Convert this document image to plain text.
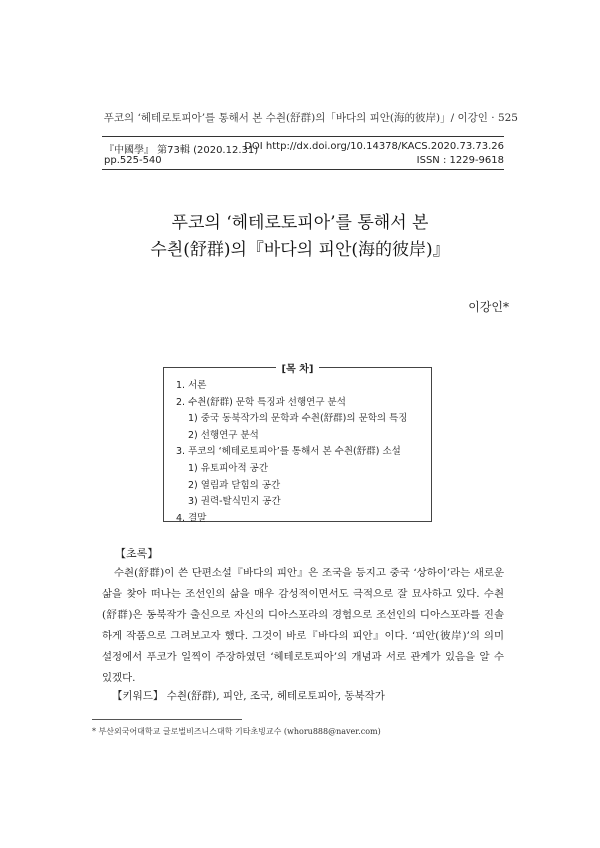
푸코의 ‘헤테로토피아’를 통해서 본 수칀(舒群)의「바다의 피안(海的彼岸)」/ 이강인 · 525
『中國學』 第73輯 (2020.12.31)
DOI http://dx.doi.org/10.14378/KACS.2020.73.73.26
pp.525-540	ISSN : 1229-9618
푸코의 ‘헤테로토피아’를 통해서 본
수칀(舒群)의『바다의 피안(海的彼岸)』
이강인*
[목 차]
1. 서론
2. 수칀(舒群) 문학 특징과 선행연구 분석
1) 중국 동북작가의 문학과 수칀(舒群)의 문학의 특징
2) 선행연구 분석
3. 푸코의 ‘헤테로토피아’를 통해서 본 수칀(舒群) 소설
1) 유토피아적 공간
2) 열림과 닫힘의 공간
3) 권력-탈식민지 공간
4. 결말
【초록】
수칀(舒群)이 쓴 단편소설『바다의 피안』은 조국을 등지고 중국 ‘상하이’라는 새로운 삶을 찾아 떠나는 조선인의 삶을 매우 감성적이면서도 극적으로 잘 묘사하고 있다. 수칀(舒群)은 동북작가 출신으로 자신의 디아스포라의 경험으로 조선인의 디아스포라를 진솔하게 작품으로 그려보고자 했다. 그것이 바로『바다의 피안』이다. ‘피안(彼岸)’의 의미 설정에서 푸코가 일찍이 주장하였던 ‘헤테로토피아’의 개념과 서로 관계가 있음을 알 수 있겠다.
【키워드】 수칀(舒群), 피안, 조국, 헤테로토피아, 동북작가
* 부산외국어대학교 글로벌비즈니스대학 기타초빙교수 (whoru888@naver.com)
